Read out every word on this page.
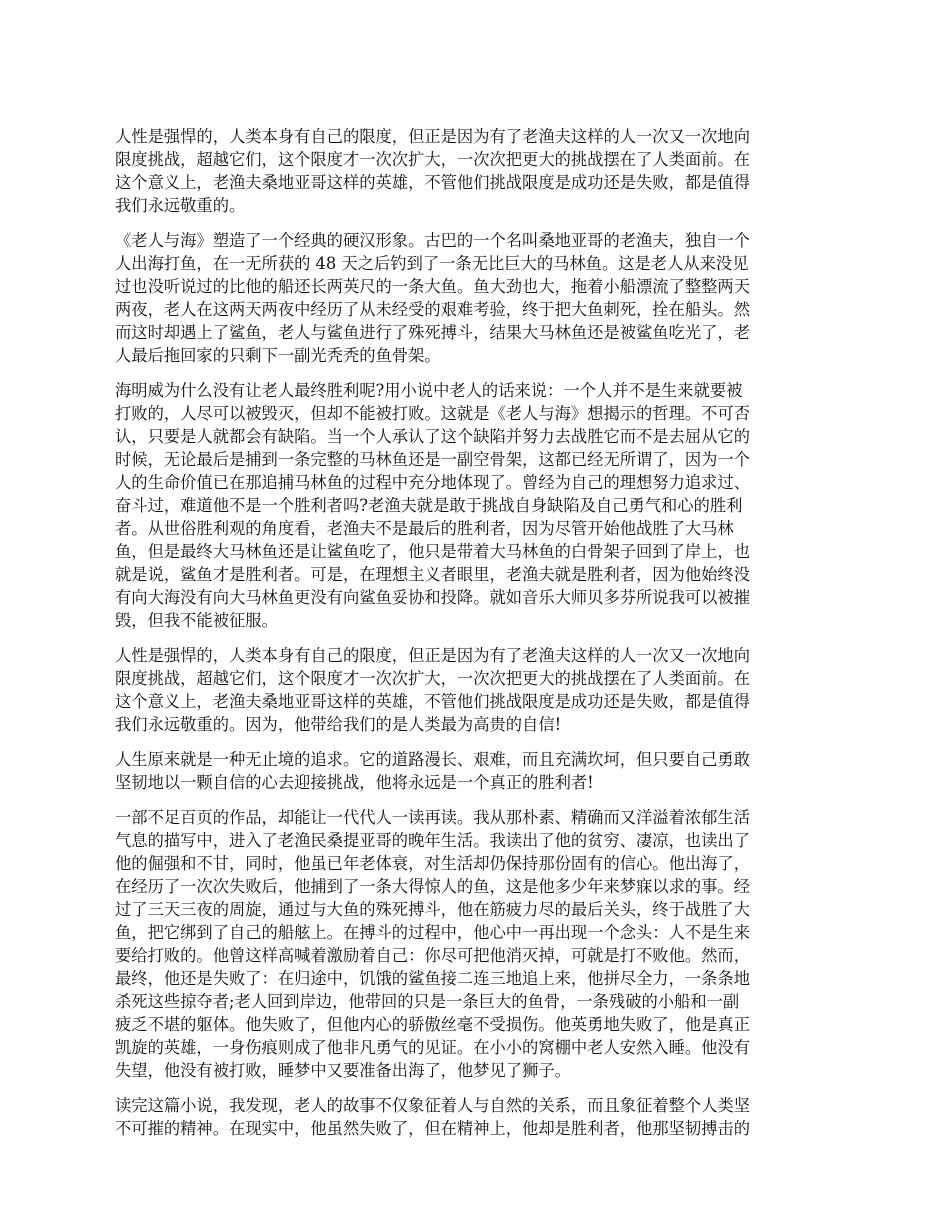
人性是强悍的，人类本身有自己的限度，但正是因为有了老渔夫这样的人一次又一次地向
限度挑战，超越它们，这个限度才一次次扩大，一次次把更大的挑战摆在了人类面前。在
这个意义上，老渔夫桑地亚哥这样的英雄，不管他们挑战限度是成功还是失败，都是值得
我们永远敬重的。

《老人与海》塑造了一个经典的硬汉形象。古巴的一个名叫桑地亚哥的老渔夫，独自一个
人出海打鱼，在一无所获的 48 天之后钓到了一条无比巨大的马林鱼。这是老人从来没见
过也没听说过的比他的船还长两英尺的一条大鱼。鱼大劲也大，拖着小船漂流了整整两天
两夜，老人在这两天两夜中经历了从未经受的艰难考验，终于把大鱼刺死，拴在船头。然
而这时却遇上了鲨鱼，老人与鲨鱼进行了殊死搏斗，结果大马林鱼还是被鲨鱼吃光了，老
人最后拖回家的只剩下一副光秃秃的鱼骨架。

海明威为什么没有让老人最终胜利呢?用小说中老人的话来说：一个人并不是生来就要被
打败的，人尽可以被毁灭，但却不能被打败。这就是《老人与海》想揭示的哲理。不可否
认，只要是人就都会有缺陷。当一个人承认了这个缺陷并努力去战胜它而不是去屈从它的
时候，无论最后是捕到一条完整的马林鱼还是一副空骨架，这都已经无所谓了，因为一个
人的生命价值已在那追捕马林鱼的过程中充分地体现了。曾经为自己的理想努力追求过、
奋斗过，难道他不是一个胜利者吗?老渔夫就是敢于挑战自身缺陷及自己勇气和心的胜利
者。从世俗胜利观的角度看，老渔夫不是最后的胜利者，因为尽管开始他战胜了大马林
鱼，但是最终大马林鱼还是让鲨鱼吃了，他只是带着大马林鱼的白骨架子回到了岸上，也
就是说，鲨鱼才是胜利者。可是，在理想主义者眼里，老渔夫就是胜利者，因为他始终没
有向大海没有向大马林鱼更没有向鲨鱼妥协和投降。就如音乐大师贝多芬所说我可以被摧
毁，但我不能被征服。

人性是强悍的，人类本身有自己的限度，但正是因为有了老渔夫这样的人一次又一次地向
限度挑战，超越它们，这个限度才一次次扩大，一次次把更大的挑战摆在了人类面前。在
这个意义上，老渔夫桑地亚哥这样的英雄，不管他们挑战限度是成功还是失败，都是值得
我们永远敬重的。因为，他带给我们的是人类最为高贵的自信!

人生原来就是一种无止境的追求。它的道路漫长、艰难，而且充满坎坷，但只要自己勇敢
坚韧地以一颗自信的心去迎接挑战，他将永远是一个真正的胜利者!

一部不足百页的作品，却能让一代代人一读再读。我从那朴素、精确而又洋溢着浓郁生活
气息的描写中，进入了老渔民桑提亚哥的晚年生活。我读出了他的贫穷、凄凉，也读出了
他的倔强和不甘，同时，他虽已年老体衰，对生活却仍保持那份固有的信心。他出海了，
在经历了一次次失败后，他捕到了一条大得惊人的鱼，这是他多少年来梦寐以求的事。经
过了三天三夜的周旋，通过与大鱼的殊死搏斗，他在筋疲力尽的最后关头，终于战胜了大
鱼，把它绑到了自己的船舷上。在搏斗的过程中，他心中一再出现一个念头：人不是生来
要给打败的。他曾这样高喊着激励着自己：你尽可把他消灭掉，可就是打不败他。然而，
最终，他还是失败了：在归途中，饥饿的鲨鱼接二连三地追上来，他拼尽全力，一条条地
杀死这些掠夺者;老人回到岸边，他带回的只是一条巨大的鱼骨，一条残破的小船和一副
疲乏不堪的躯体。他失败了，但他内心的骄傲丝毫不受损伤。他英勇地失败了，他是真正
凯旋的英雄，一身伤痕则成了他非凡勇气的见证。在小小的窝棚中老人安然入睡。他没有
失望，他没有被打败，睡梦中又要准备出海了，他梦见了狮子。

读完这篇小说，我发现，老人的故事不仅象征着人与自然的关系，而且象征着整个人类坚
不可摧的精神。在现实中，他虽然失败了，但在精神上，他却是胜利者，他那坚韧搏击的
